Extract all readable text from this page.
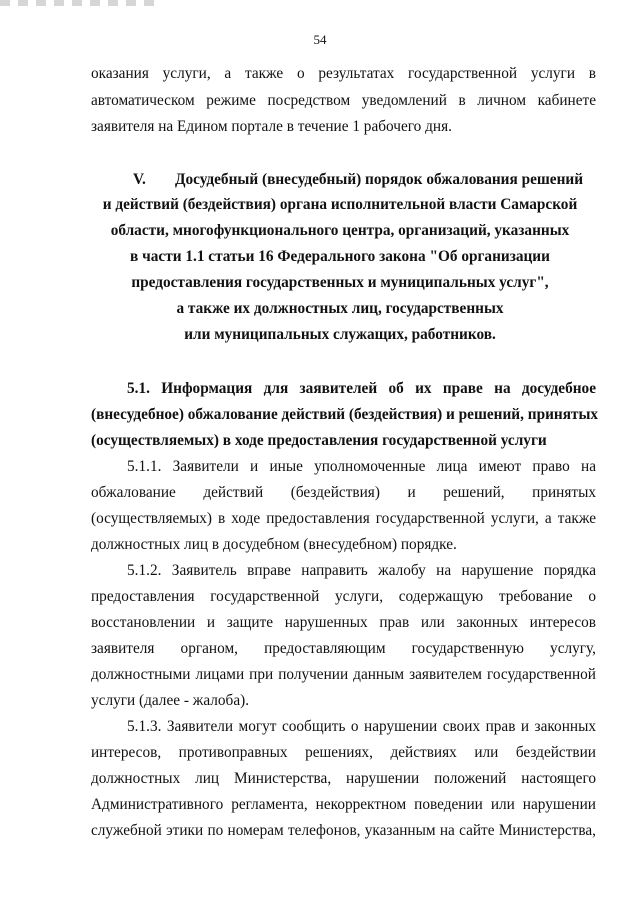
54
оказания услуги, а также о результатах государственной услуги в
автоматическом режиме посредством уведомлений в личном кабинете
заявителя на Едином портале в течение 1 рабочего дня.
V. Досудебный (внесудебный) порядок обжалования решений
и действий (бездействия) органа исполнительной власти Самарской
области, многофункционального центра, организаций, указанных
в части 1.1 статьи 16 Федерального закона "Об организации
предоставления государственных и муниципальных услуг",
а также их должностных лиц, государственных
или муниципальных служащих, работников.
5.1. Информация для заявителей об их праве на досудебное
(внесудебное) обжалование действий (бездействия) и решений, принятых
(осуществляемых) в ходе предоставления государственной услуги
5.1.1. Заявители и иные уполномоченные лица имеют право на
обжалование действий (бездействия) и решений, принятых
(осуществляемых) в ходе предоставления государственной услуги, а также
должностных лиц в досудебном (внесудебном) порядке.
5.1.2. Заявитель вправе направить жалобу на нарушение порядка
предоставления государственной услуги, содержащую требование о
восстановлении и защите нарушенных прав или законных интересов
заявителя органом, предоставляющим государственную услугу,
должностными лицами при получении данным заявителем государственной
услуги (далее - жалоба).
5.1.3. Заявители могут сообщить о нарушении своих прав и законных
интересов, противоправных решениях, действиях или бездействии
должностных лиц Министерства, нарушении положений настоящего
Административного регламента, некорректном поведении или нарушении
служебной этики по номерам телефонов, указанным на сайте Министерства,
